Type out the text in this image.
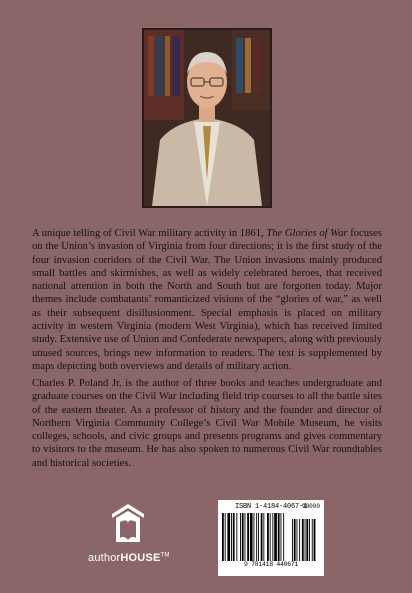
A unique telling of Civil War military activity in 1861, The Glories of War focuses on the Union’s invasion of Virginia from four directions; it is the first study of the four invasion corridors of the Civil War. The Union invasions mainly produced small battles and skirmishes, as well as widely celebrated heroes, that received national attention in both the North and South but are forgotten today. Major themes include combatants’ romanticized visions of the “glories of war,” as well as their subsequent disillusionment. Special emphasis is placed on military activity in western Virginia (modern West Virginia), which has received limited study. Extensive use of Union and Confederate newspapers, along with previously unused sources, brings new information to readers. The text is supplemented by maps depicting both overviews and details of military action.

Charles P. Poland Jr. is the author of three books and teaches undergraduate and graduate courses on the Civil War including field trip courses to all the battle sites of the eastern theater. As a professor of history and the founder and director of Northern Virginia Community College’s Civil War Mobile Museum, he visits colleges, schools, and civic groups and presents programs and gives commentary to visitors to the museum. He has also spoken to numerous Civil War roundtables and historical societies.

authorHOUSE™
ISBN 1-4184-4067-1
90000
9 781418 440671
